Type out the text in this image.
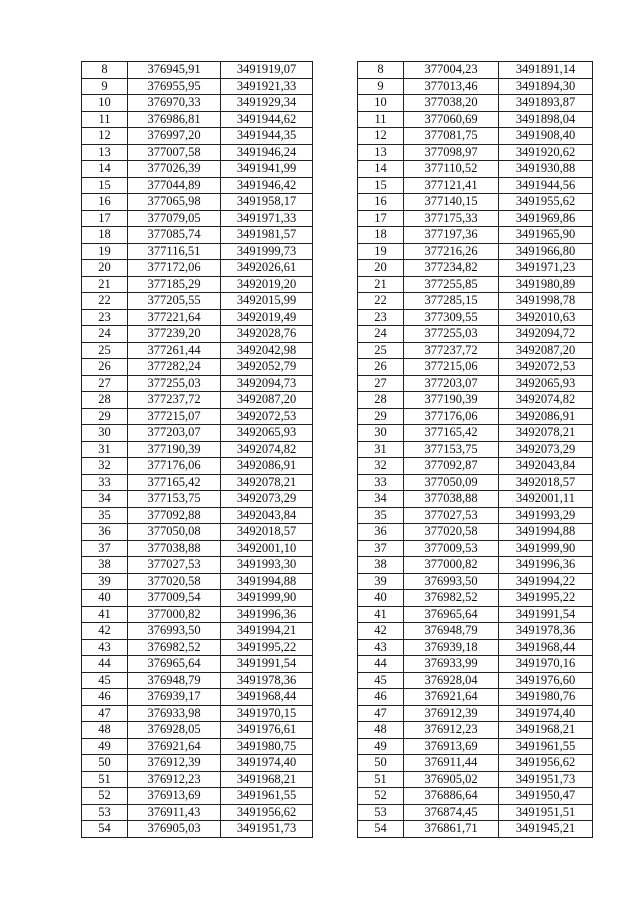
8	376945,91	3491919,07
9	376955,95	3491921,33
10	376970,33	3491929,34
11	376986,81	3491944,62
12	376997,20	3491944,35
13	377007,58	3491946,24
14	377026,39	3491941,99
15	377044,89	3491946,42
16	377065,98	3491958,17
17	377079,05	3491971,33
18	377085,74	3491981,57
19	377116,51	3491999,73
20	377172,06	3492026,61
21	377185,29	3492019,20
22	377205,55	3492015,99
23	377221,64	3492019,49
24	377239,20	3492028,76
25	377261,44	3492042,98
26	377282,24	3492052,79
27	377255,03	3492094,73
28	377237,72	3492087,20
29	377215,07	3492072,53
30	377203,07	3492065,93
31	377190,39	3492074,82
32	377176,06	3492086,91
33	377165,42	3492078,21
34	377153,75	3492073,29
35	377092,88	3492043,84
36	377050,08	3492018,57
37	377038,88	3492001,10
38	377027,53	3491993,30
39	377020,58	3491994,88
40	377009,54	3491999,90
41	377000,82	3491996,36
42	376993,50	3491994,21
43	376982,52	3491995,22
44	376965,64	3491991,54
45	376948,79	3491978,36
46	376939,17	3491968,44
47	376933,98	3491970,15
48	376928,05	3491976,61
49	376921,64	3491980,75
50	376912,39	3491974,40
51	376912,23	3491968,21
52	376913,69	3491961,55
53	376911,43	3491956,62
54	376905,03	3491951,73
8	377004,23	3491891,14
9	377013,46	3491894,30
10	377038,20	3491893,87
11	377060,69	3491898,04
12	377081,75	3491908,40
13	377098,97	3491920,62
14	377110,52	3491930,88
15	377121,41	3491944,56
16	377140,15	3491955,62
17	377175,33	3491969,86
18	377197,36	3491965,90
19	377216,26	3491966,80
20	377234,82	3491971,23
21	377255,85	3491980,89
22	377285,15	3491998,78
23	377309,55	3492010,63
24	377255,03	3492094,72
25	377237,72	3492087,20
26	377215,06	3492072,53
27	377203,07	3492065,93
28	377190,39	3492074,82
29	377176,06	3492086,91
30	377165,42	3492078,21
31	377153,75	3492073,29
32	377092,87	3492043,84
33	377050,09	3492018,57
34	377038,88	3492001,11
35	377027,53	3491993,29
36	377020,58	3491994,88
37	377009,53	3491999,90
38	377000,82	3491996,36
39	376993,50	3491994,22
40	376982,52	3491995,22
41	376965,64	3491991,54
42	376948,79	3491978,36
43	376939,18	3491968,44
44	376933,99	3491970,16
45	376928,04	3491976,60
46	376921,64	3491980,76
47	376912,39	3491974,40
48	376912,23	3491968,21
49	376913,69	3491961,55
50	376911,44	3491956,62
51	376905,02	3491951,73
52	376886,64	3491950,47
53	376874,45	3491951,51
54	376861,71	3491945,21
